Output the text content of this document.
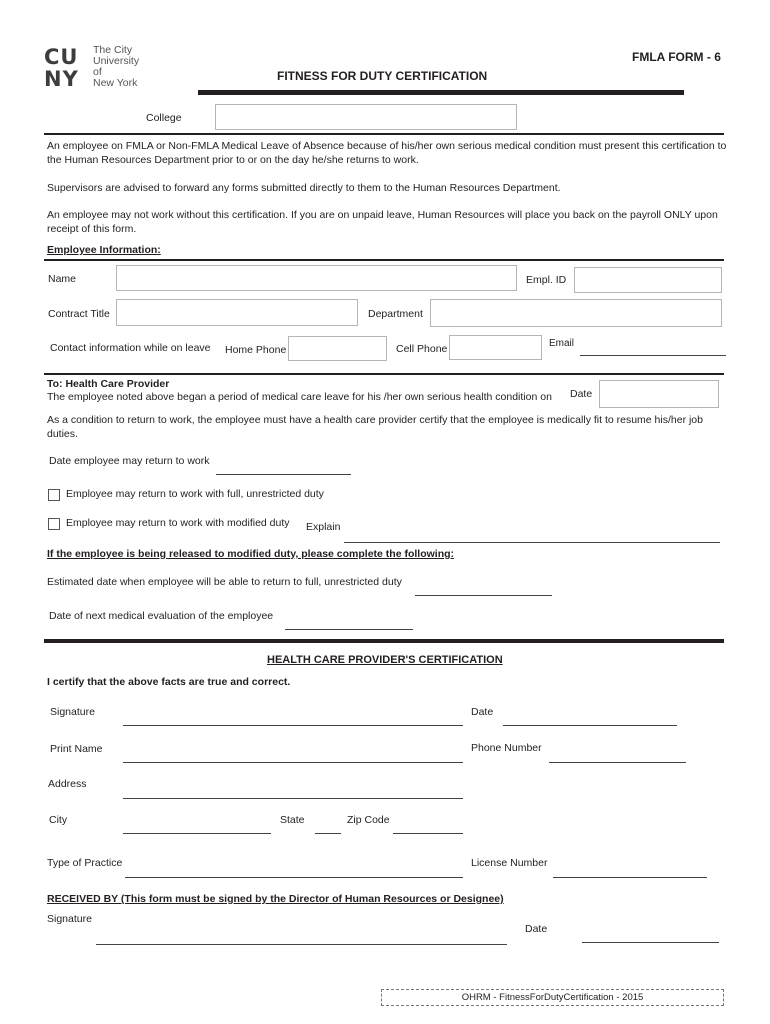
CU
NY
The City
University
of
New York
FMLA FORM - 6
FITNESS FOR DUTY CERTIFICATION
College
An employee on FMLA or Non-FMLA Medical Leave of Absence because of his/her own serious medical condition must present this certification to the Human Resources Department prior to or on the day he/she returns to work.
Supervisors are advised to forward any forms submitted directly to them to the Human Resources Department.
An employee may not work without this certification. If you are on unpaid leave, Human Resources will place you back on the payroll ONLY upon receipt of this form.
Employee Information:
Name	Empl. ID
Contract Title	Department
Contact information while on leave Home Phone	Cell Phone	Email
To: Health Care Provider
The employee noted above began a period of medical care leave for his /her own serious health condition on Date
As a condition to return to work, the employee must have a health care provider certify that the employee is medically fit to resume his/her job duties.
Date employee may return to work
Employee may return to work with full, unrestricted duty
Employee may return to work with modified duty Explain
If the employee is being released to modified duty, please complete the following:
Estimated date when employee will be able to return to full, unrestricted duty
Date of next medical evaluation of the employee
HEALTH CARE PROVIDER'S CERTIFICATION
I certify that the above facts are true and correct.
Signature	Date
Print Name	Phone Number
Address
City	State	Zip Code
Type of Practice	License Number
RECEIVED BY (This form must be signed by the Director of Human Resources or Designee)
Signature
Date
OHRM - FitnessForDutyCertification - 2015
